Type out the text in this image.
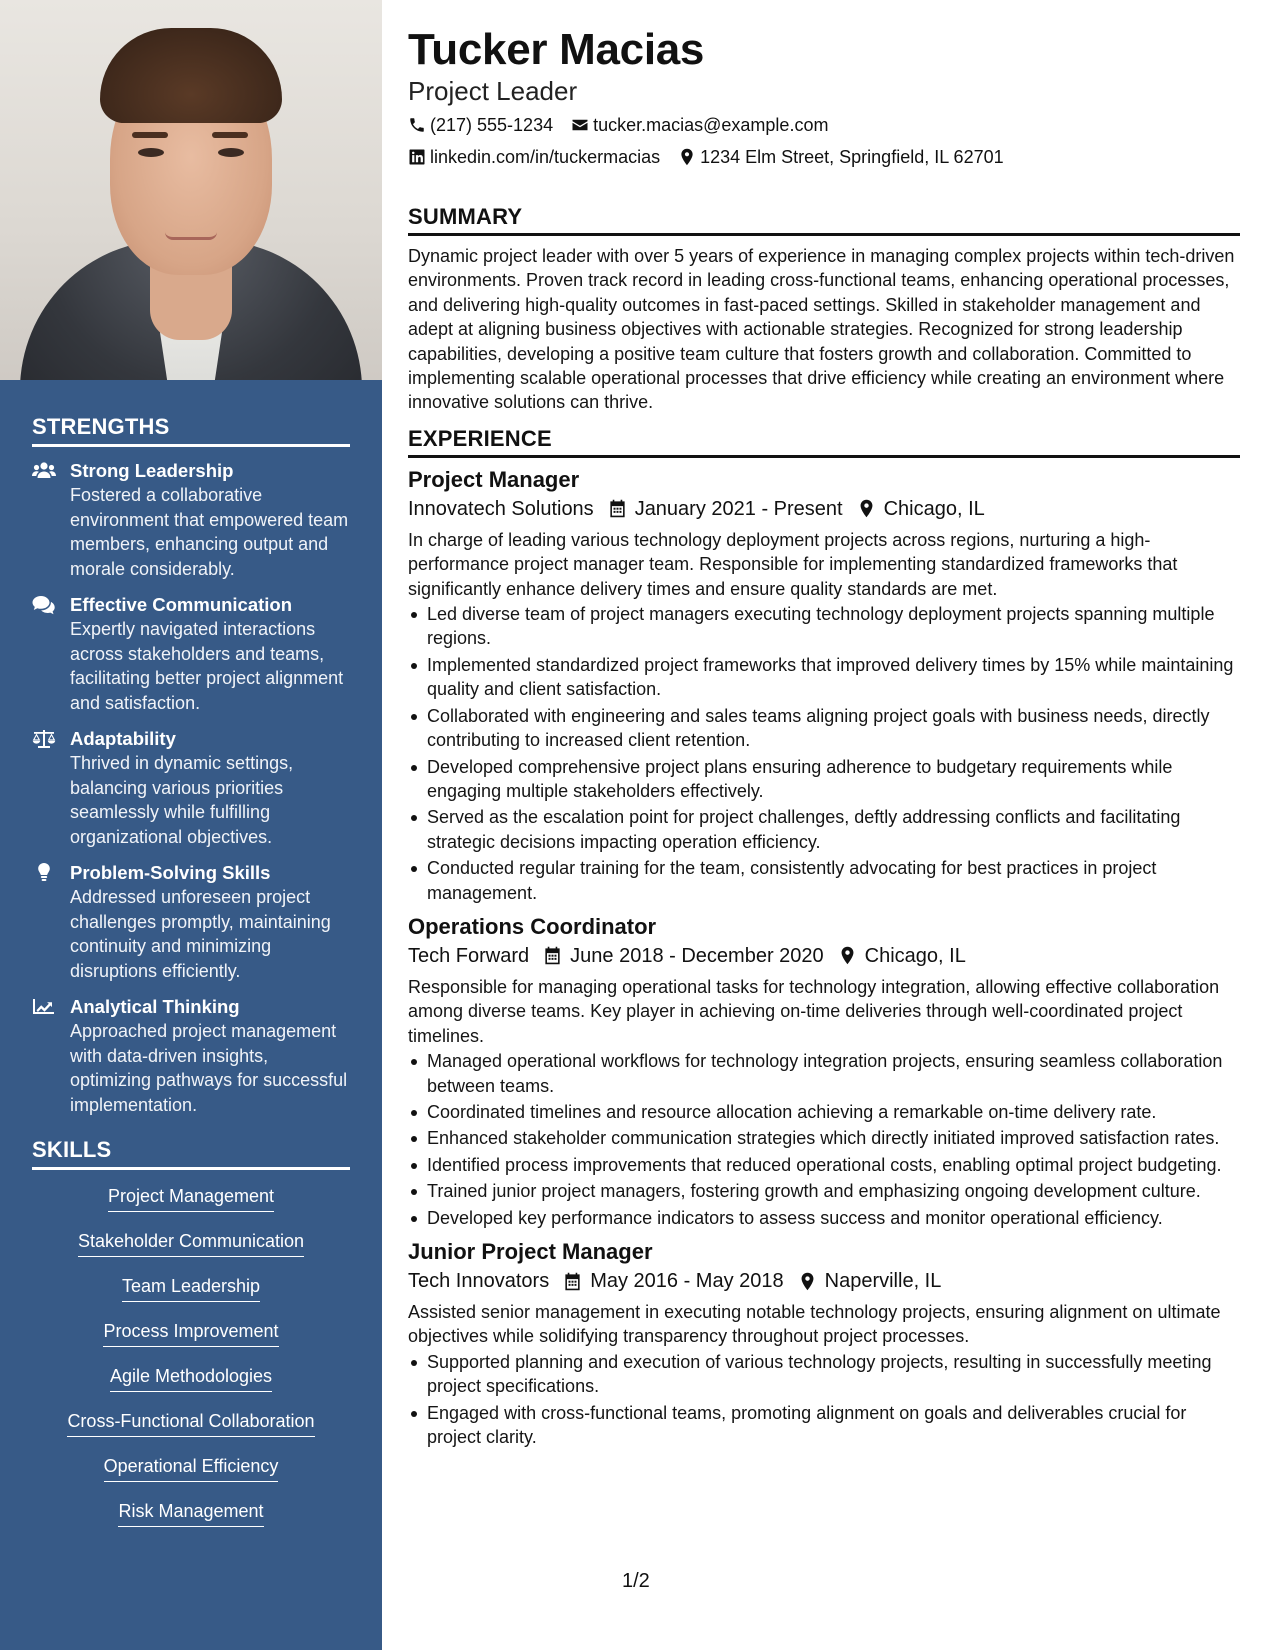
STRENGTHS
Strong Leadership
Fostered a collaborative environment that empowered team members, enhancing output and morale considerably.
Effective Communication
Expertly navigated interactions across stakeholders and teams, facilitating better project alignment and satisfaction.
Adaptability
Thrived in dynamic settings, balancing various priorities seamlessly while fulfilling organizational objectives.
Problem-Solving Skills
Addressed unforeseen project challenges promptly, maintaining continuity and minimizing disruptions efficiently.
Analytical Thinking
Approached project management with data-driven insights, optimizing pathways for successful implementation.
SKILLS
Project Management
Stakeholder Communication
Team Leadership
Process Improvement
Agile Methodologies
Cross-Functional Collaboration
Operational Efficiency
Risk Management
Tucker Macias
Project Leader
(217) 555-1234 tucker.macias@example.com
linkedin.com/in/tuckermacias 1234 Elm Street, Springfield, IL 62701
SUMMARY

Dynamic project leader with over 5 years of experience in managing complex projects within tech-driven environments. Proven track record in leading cross-functional teams, enhancing operational processes, and delivering high-quality outcomes in fast-paced settings. Skilled in stakeholder management and adept at aligning business objectives with actionable strategies. Recognized for strong leadership capabilities, developing a positive team culture that fosters growth and collaboration. Committed to implementing scalable operational processes that drive efficiency while creating an environment where innovative solutions can thrive.

EXPERIENCE
Project Manager
Innovatech Solutions January 2021 - Present Chicago, IL

In charge of leading various technology deployment projects across regions, nurturing a high-performance project manager team. Responsible for implementing standardized frameworks that significantly enhance delivery times and ensure quality standards are met.

Led diverse team of project managers executing technology deployment projects spanning multiple regions.
Implemented standardized project frameworks that improved delivery times by 15% while maintaining quality and client satisfaction.
Collaborated with engineering and sales teams aligning project goals with business needs, directly contributing to increased client retention.
Developed comprehensive project plans ensuring adherence to budgetary requirements while engaging multiple stakeholders effectively.
Served as the escalation point for project challenges, deftly addressing conflicts and facilitating strategic decisions impacting operation efficiency.
Conducted regular training for the team, consistently advocating for best practices in project management.
Operations Coordinator
Tech Forward June 2018 - December 2020 Chicago, IL

Responsible for managing operational tasks for technology integration, allowing effective collaboration among diverse teams. Key player in achieving on-time deliveries through well-coordinated project timelines.

Managed operational workflows for technology integration projects, ensuring seamless collaboration between teams.
Coordinated timelines and resource allocation achieving a remarkable on-time delivery rate.
Enhanced stakeholder communication strategies which directly initiated improved satisfaction rates.
Identified process improvements that reduced operational costs, enabling optimal project budgeting.
Trained junior project managers, fostering growth and emphasizing ongoing development culture.
Developed key performance indicators to assess success and monitor operational efficiency.
Junior Project Manager
Tech Innovators May 2016 - May 2018 Naperville, IL

Assisted senior management in executing notable technology projects, ensuring alignment on ultimate objectives while solidifying transparency throughout project processes.

Supported planning and execution of various technology projects, resulting in successfully meeting project specifications.
Engaged with cross-functional teams, promoting alignment on goals and deliverables crucial for project clarity.
1/2
